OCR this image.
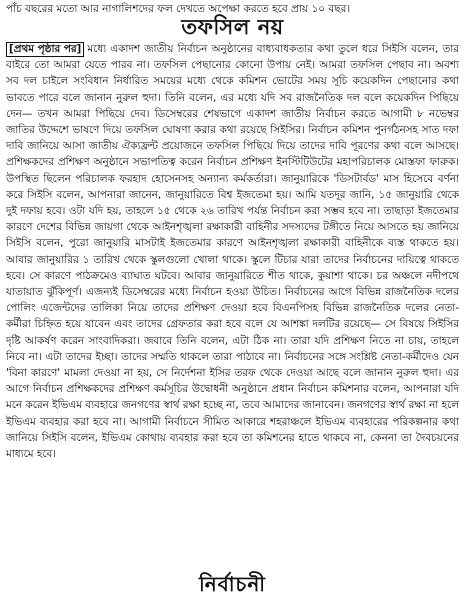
পাঁচ বছরের মতো আর নাগালিশদের ফল দেখতে অপেক্ষা করতে হবে প্রায় ১০ বছর।
তফসিল নয়
[প্রথম পৃষ্ঠার পর] মধ্যে একাদশ জাতীয় নির্বাচন অনুষ্ঠানের বাধ্যবাধকতার কথা তুলে ধরে সিইসি বলেন, তার বাইরে তো আমরা যেতে পারব না। তফসিল পেছানোর কোনো উপায় নেই। আমরা তফসিল পেছাব না। অবশ্য সব দল চাইলে সংবিধান নির্ধারিত সময়ের মধ্যে থেকে কমিশন ভোটের সময় সূচি কয়েকদিন পেছানোর কথা ভাবতে পারে বলে জানান নুরুল হুদা। তিনি বলেন, এর মধ্যে যদি সব রাজনৈতিক দল বলে কয়েকদিন পিছিয়ে দেন— তখন আমরা পিছিয়ে দেব। ডিসেম্বরের শেষভাগে একাদশ জাতীয় নির্বাচন করতে আগামী ৮ নভেম্বর জাতির উদ্দেশে ভাষণে দিয়ে তফসিল ঘোষণা করার কথা রয়েছে সিইসির। নির্বাচন কমিশন পুনর্গঠনসহ সাত দফা দাবি জানিয়ে আসা জাতীয় ঐক্যফ্রন্ট প্রয়োজনে তফসিল পিছিয়ে দিয়ে তাদের দাবি পূরণের কথা বলে আসছে। প্রশিক্ষকদের প্রশিক্ষণ অনুষ্ঠানে সভাপতিত্ব করেন নির্বাচন প্রশিক্ষণ ইনস্টিটিউটের মহাপরিচালক মোস্তফা ফারুক। উপস্থিত ছিলেন পরিচালক ফরহাদ হোসেনসহ অন্যান্য কর্মকর্তারা। জানুয়ারিকে 'ডিসটার্বড' মাস হিসেবে বর্ণনা করে সিইসি বলেন, আপনারা জানেন, জানুয়ারিতে বিশ্ব ইজতেমা হয়। আমি যতদূর জানি, ১৫ জানুয়ারি থেকে দুই দফায় হবে। ওটা যদি হয়, তাহলে ১৫ থেকে ২৬ তারিখ পর্যন্ত নির্বাচন করা সম্ভব হবে না। তাছাড়া ইজতেমার কারণে দেশের বিভিন্ন জায়গা থেকে আইনশৃঙ্খলা রক্ষাকারী বাহিনীর সদস্যদের টঙ্গীতে নিয়ে আসতে হয় জানিয়ে সিইসি বলেন, পুরো জানুয়ারি মাসটাই ইজতেমার কারণে আইনশৃঙ্খলা রক্ষাকারী বাহিনীকে ব্যস্ত থাকতে হয়। আবার জানুয়ারির ১ তারিখ থেকে স্কুলগুলো খোলা থাকে। স্কুলে টিচার যারা তাদের নির্বাচনের দায়িত্বে থাকতে হবে। সে কারণে পাঠক্রমেও ব্যাঘাত ঘটবে। আবার জানুয়ারিতে শীত থাকে, কুয়াশা থাকে। চর অঞ্চলে নদীপথে যাতায়াত ঝুঁকিপূর্ণ। এজন্যই ডিসেম্বরের মধ্যে নির্বাচন হওয়া উচিত। নির্বাচনের আগে বিভিন্ন রাজনৈতিক দলের পোলিং এজেন্টদের তালিকা নিয়ে তাদের প্রশিক্ষণ দেওয়া হবে বিএনপিসহ বিভিন্ন রাজনৈতিক দলের নেতা-কর্মীরা চিহ্নিত হয়ে যাবেন এবং তাদের গ্রেফতার করা হবে বলে যে আশঙ্কা দলটির রয়েছে— সে বিষয়ে সিইসির দৃষ্টি আকর্ষণ করেন সাংবাদিকরা। জবাবে তিনি বলেন, এটা ঠিক না। তারা যদি প্রশিক্ষণ নিতে না চায়, তাহলে নিবে না। এটা তাদের ইচ্ছা। তাদের সম্মতি থাকলে তারা পাঠাবে না। নির্বাচনের সঙ্গে সংশ্লিষ্ট নেতা-কর্মীদেও যেন 'বিনা কারণে' মামলা দেওয়া না হয়, সে নির্দেশনা ইসির তরফ থেকে দেওয়া আছে বলে জানান নুরুল হুদা। এর আগে নির্বাচন প্রশিক্ষকদের প্রশিক্ষণ কর্মসূচির উদ্বোধনী অনুষ্ঠানে প্রধান নির্বাচন কমিশনার বলেন, আপনারা যদি মনে করেন ইভিএম ব্যবহারে জনগণের স্বার্থ রক্ষা হচ্ছে না, তবে আমাদের জানাবেন। জনগণের স্বার্থ রক্ষা না হলে ইভিএম ব্যবহার করা হবে না। আগামী নির্বাচনে সীমিত আকারে শহরাঞ্চলে ইভিএম ব্যবহারের পরিকল্পনার কথা জানিয়ে সিইসি বলেন, ইভিএম কোথায় ব্যবহার করা হবে তা কমিশনের হাতে থাকবে না, কেননা তা দৈবচয়নের মাধ্যমে হবে।
নির্বাচনী
